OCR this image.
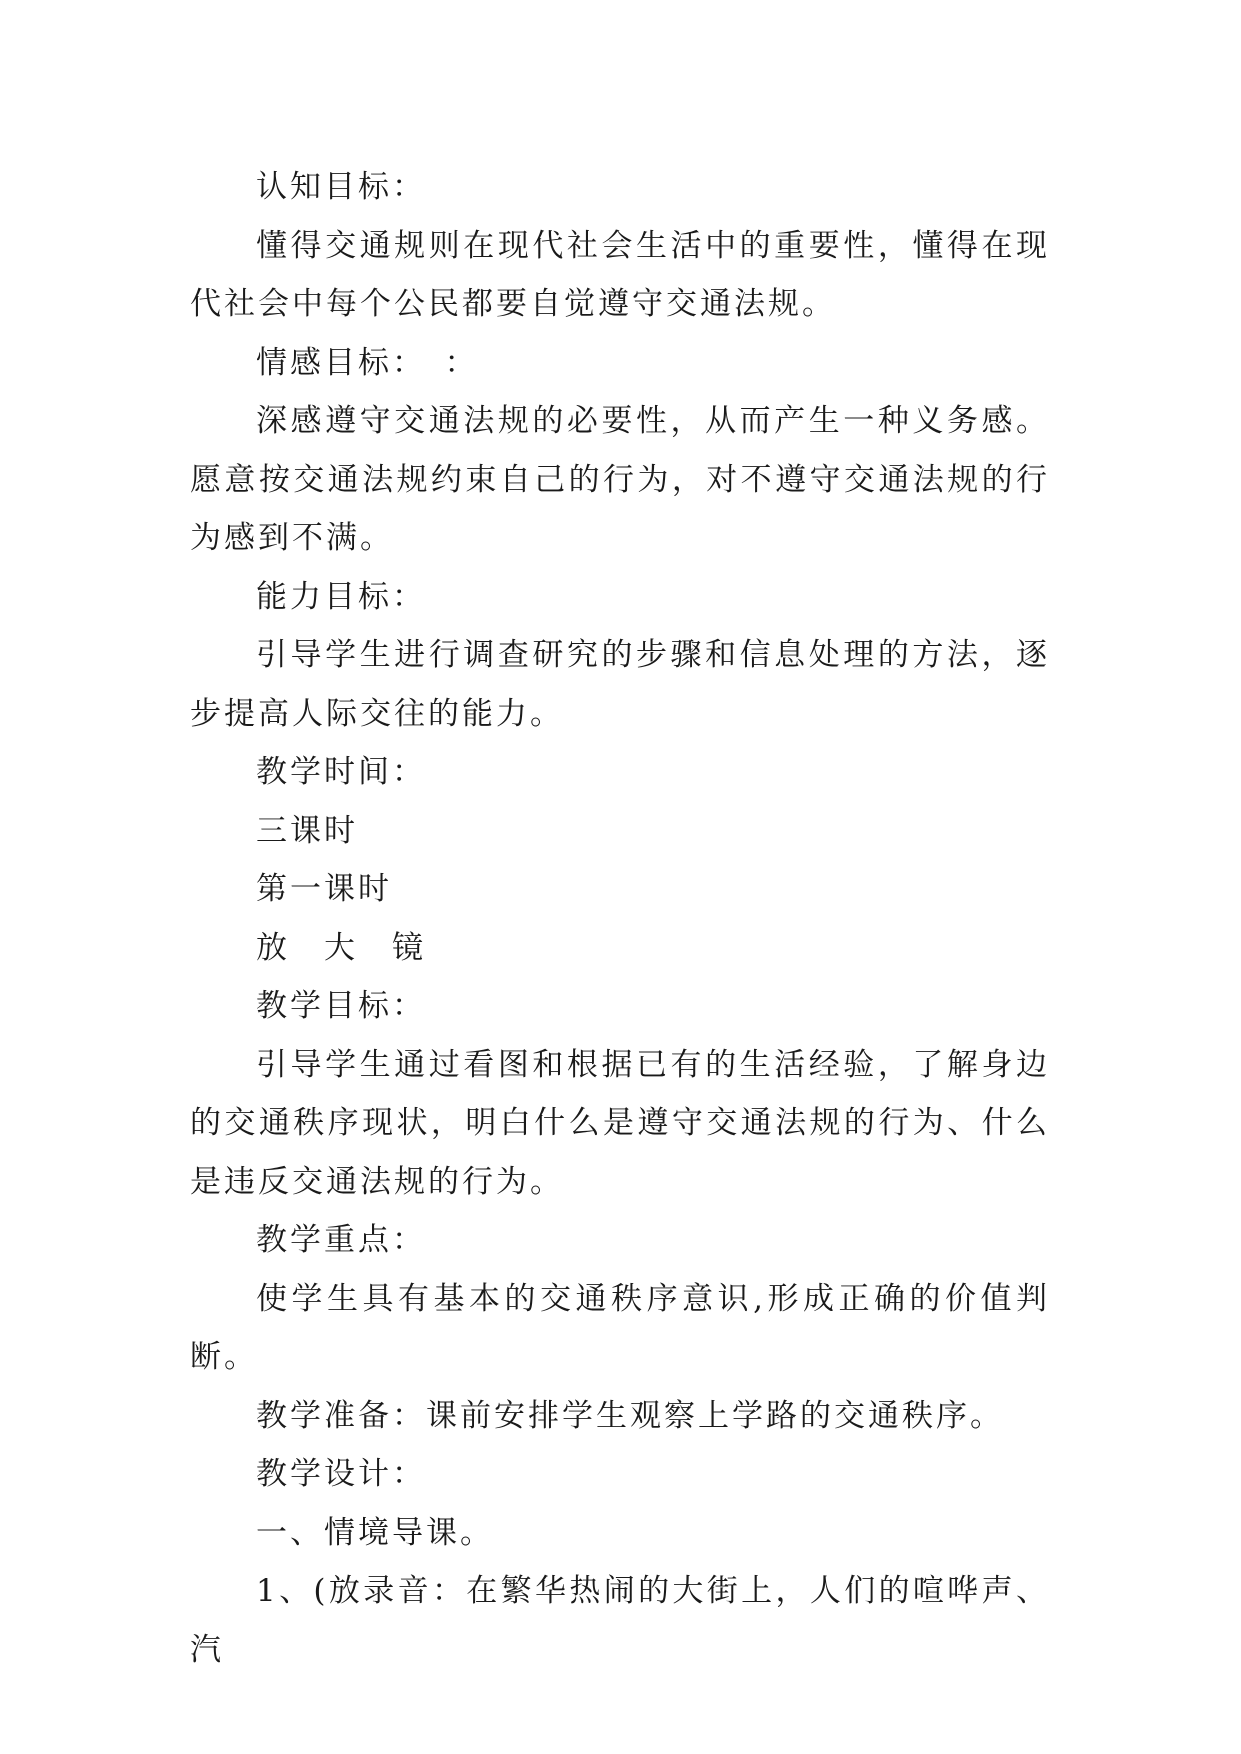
认知目标：

懂得交通规则在现代社会生活中的重要性，懂得在现代社会中每个公民都要自觉遵守交通法规。

情感目标：　：

深感遵守交通法规的必要性，从而产生一种义务感。愿意按交通法规约束自己的行为，对不遵守交通法规的行为感到不满。

能力目标：

引导学生进行调查研究的步骤和信息处理的方法，逐步提高人际交往的能力。

教学时间：

三课时

第一课时

放　大　镜

教学目标：

引导学生通过看图和根据已有的生活经验，了解身边的交通秩序现状，明白什么是遵守交通法规的行为、什么是违反交通法规的行为。

教学重点：

使学生具有基本的交通秩序意识,形成正确的价值判断。

教学准备：课前安排学生观察上学路的交通秩序。

教学设计：

一、情境导课。

1、(放录音：在繁华热闹的大街上，人们的喧哗声、汽
